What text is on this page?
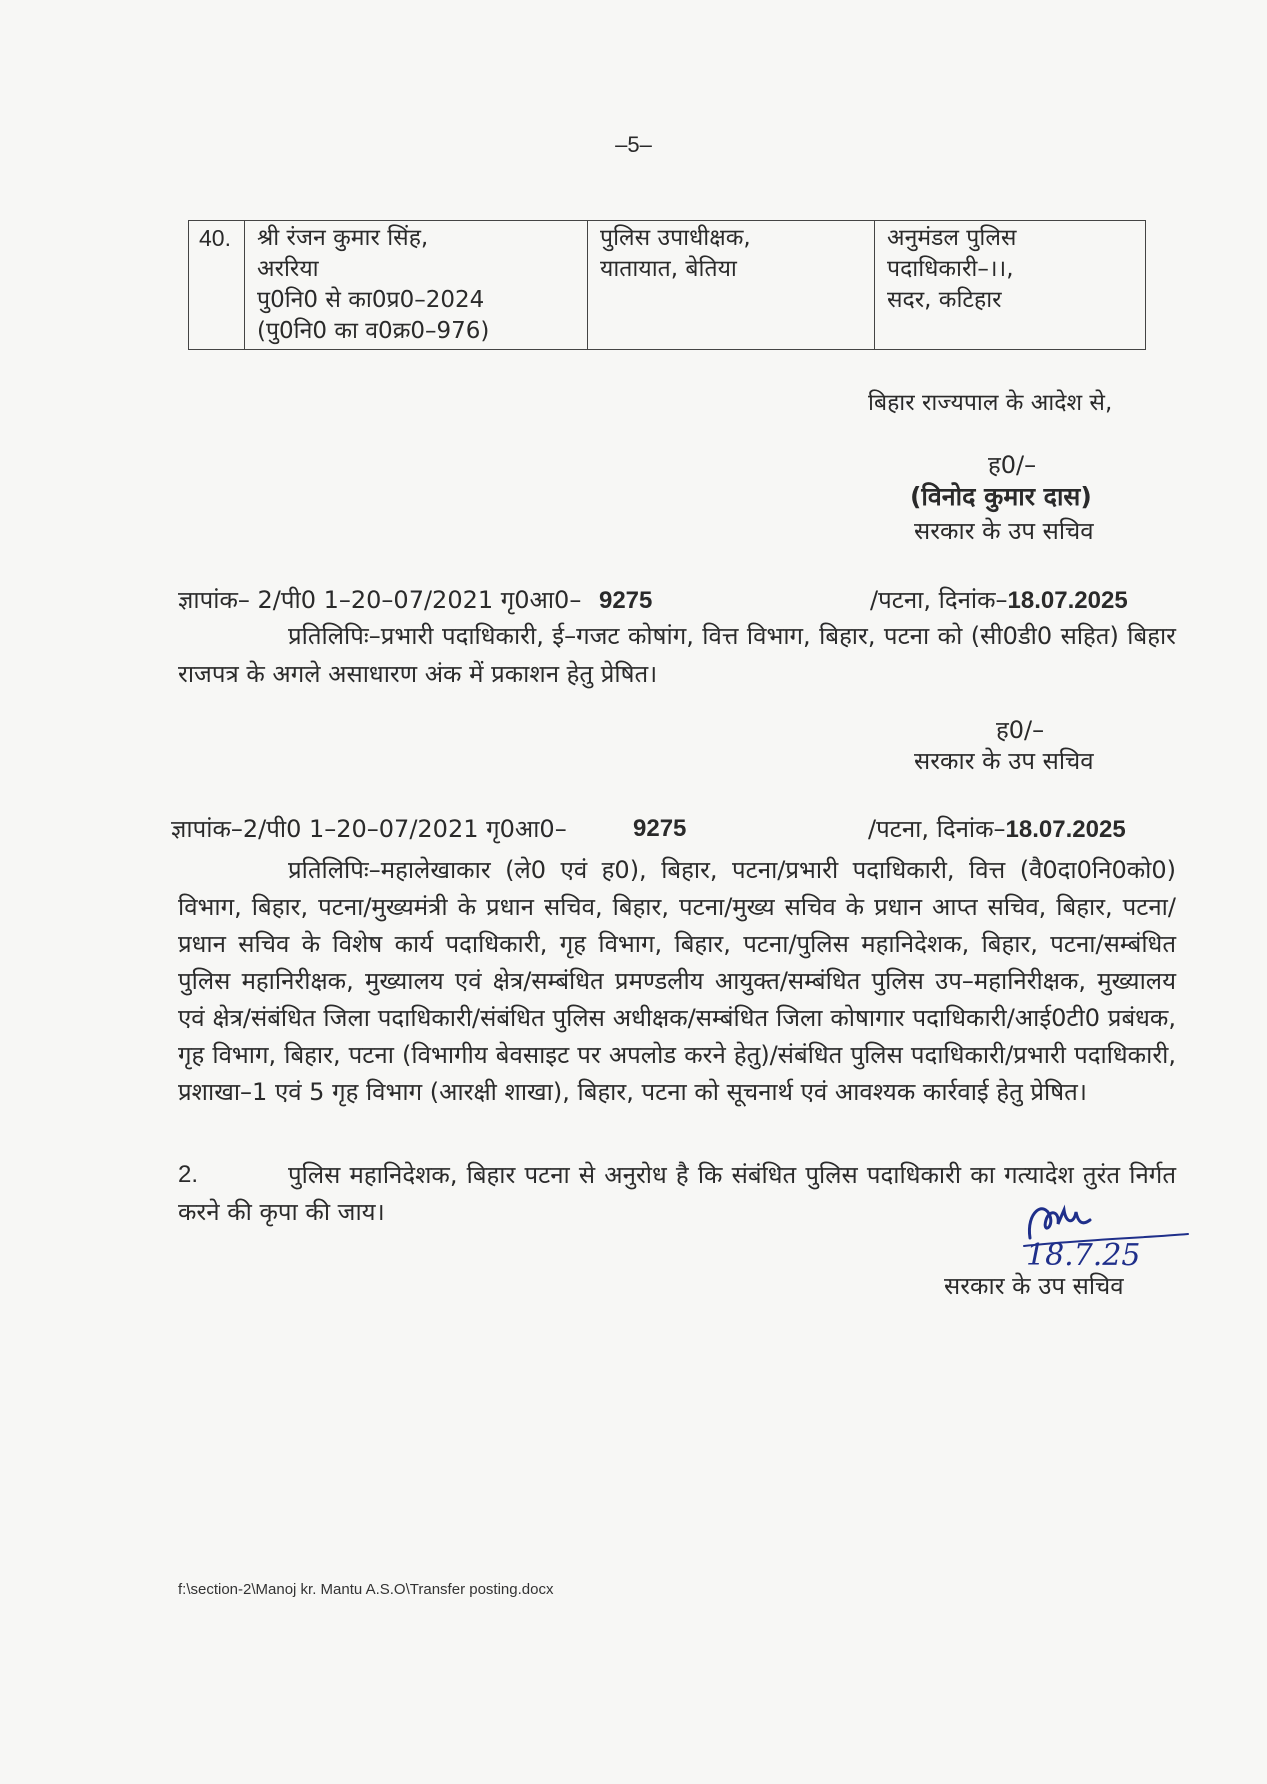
–5–
40.	श्री रंजन कुमार सिंह,
अररिया
पु0नि0 से का0प्र0–2024
(पु0नि0 का व0क्र0–976)

पुलिस उपाधीक्षक,
यातायात, बेतिया

अनुमंडल पुलिस
पदाधिकारी–।।,
सदर, कटिहार
बिहार राज्यपाल के आदेश से,
ह0/–
(विनोद कुमार दास)
सरकार के उप सचिव
ज्ञापांक– 2/पी0 1–20–07/2021 गृ0आ0– 9275	/पटना, दिनांक–18.07.2025
प्रतिलिपिः–प्रभारी पदाधिकारी, ई–गजट कोषांग, वित्त विभाग, बिहार, पटना को (सी0डी0 सहित) बिहार राजपत्र के अगले असाधारण अंक में प्रकाशन हेतु प्रेषित।
ह0/–
सरकार के उप सचिव
ज्ञापांक–2/पी0 1–20–07/2021 गृ0आ0–	9275	/पटना, दिनांक–18.07.2025
प्रतिलिपिः–महालेखाकार (ले0 एवं ह0), बिहार, पटना/प्रभारी पदाधिकारी, वित्त (वै0दा0नि0को0) विभाग, बिहार, पटना/मुख्यमंत्री के प्रधान सचिव, बिहार, पटना/मुख्य सचिव के प्रधान आप्त सचिव, बिहार, पटना/प्रधान सचिव के विशेष कार्य पदाधिकारी, गृह विभाग, बिहार, पटना/पुलिस महानिदेशक, बिहार, पटना/सम्बंधित पुलिस महानिरीक्षक, मुख्यालय एवं क्षेत्र/सम्बंधित प्रमण्डलीय आयुक्त/सम्बंधित पुलिस उप–महानिरीक्षक, मुख्यालय एवं क्षेत्र/संबंधित जिला पदाधिकारी/संबंधित पुलिस अधीक्षक/सम्बंधित जिला कोषागार पदाधिकारी/आई0टी0 प्रबंधक, गृह विभाग, बिहार, पटना (विभागीय बेवसाइट पर अपलोड करने हेतु)/संबंधित पुलिस पदाधिकारी/प्रभारी पदाधिकारी, प्रशाखा–1 एवं 5 गृह विभाग (आरक्षी शाखा), बिहार, पटना को सूचनार्थ एवं आवश्यक कार्रवाई हेतु प्रेषित।
2.	पुलिस महानिदेशक, बिहार पटना से अनुरोध है कि संबंधित पुलिस पदाधिकारी का गत्यादेश तुरंत निर्गत करने की कृपा की जाय।
18.7.25
सरकार के उप सचिव
f:\section-2\Manoj kr. Mantu A.S.O\Transfer posting.docx
